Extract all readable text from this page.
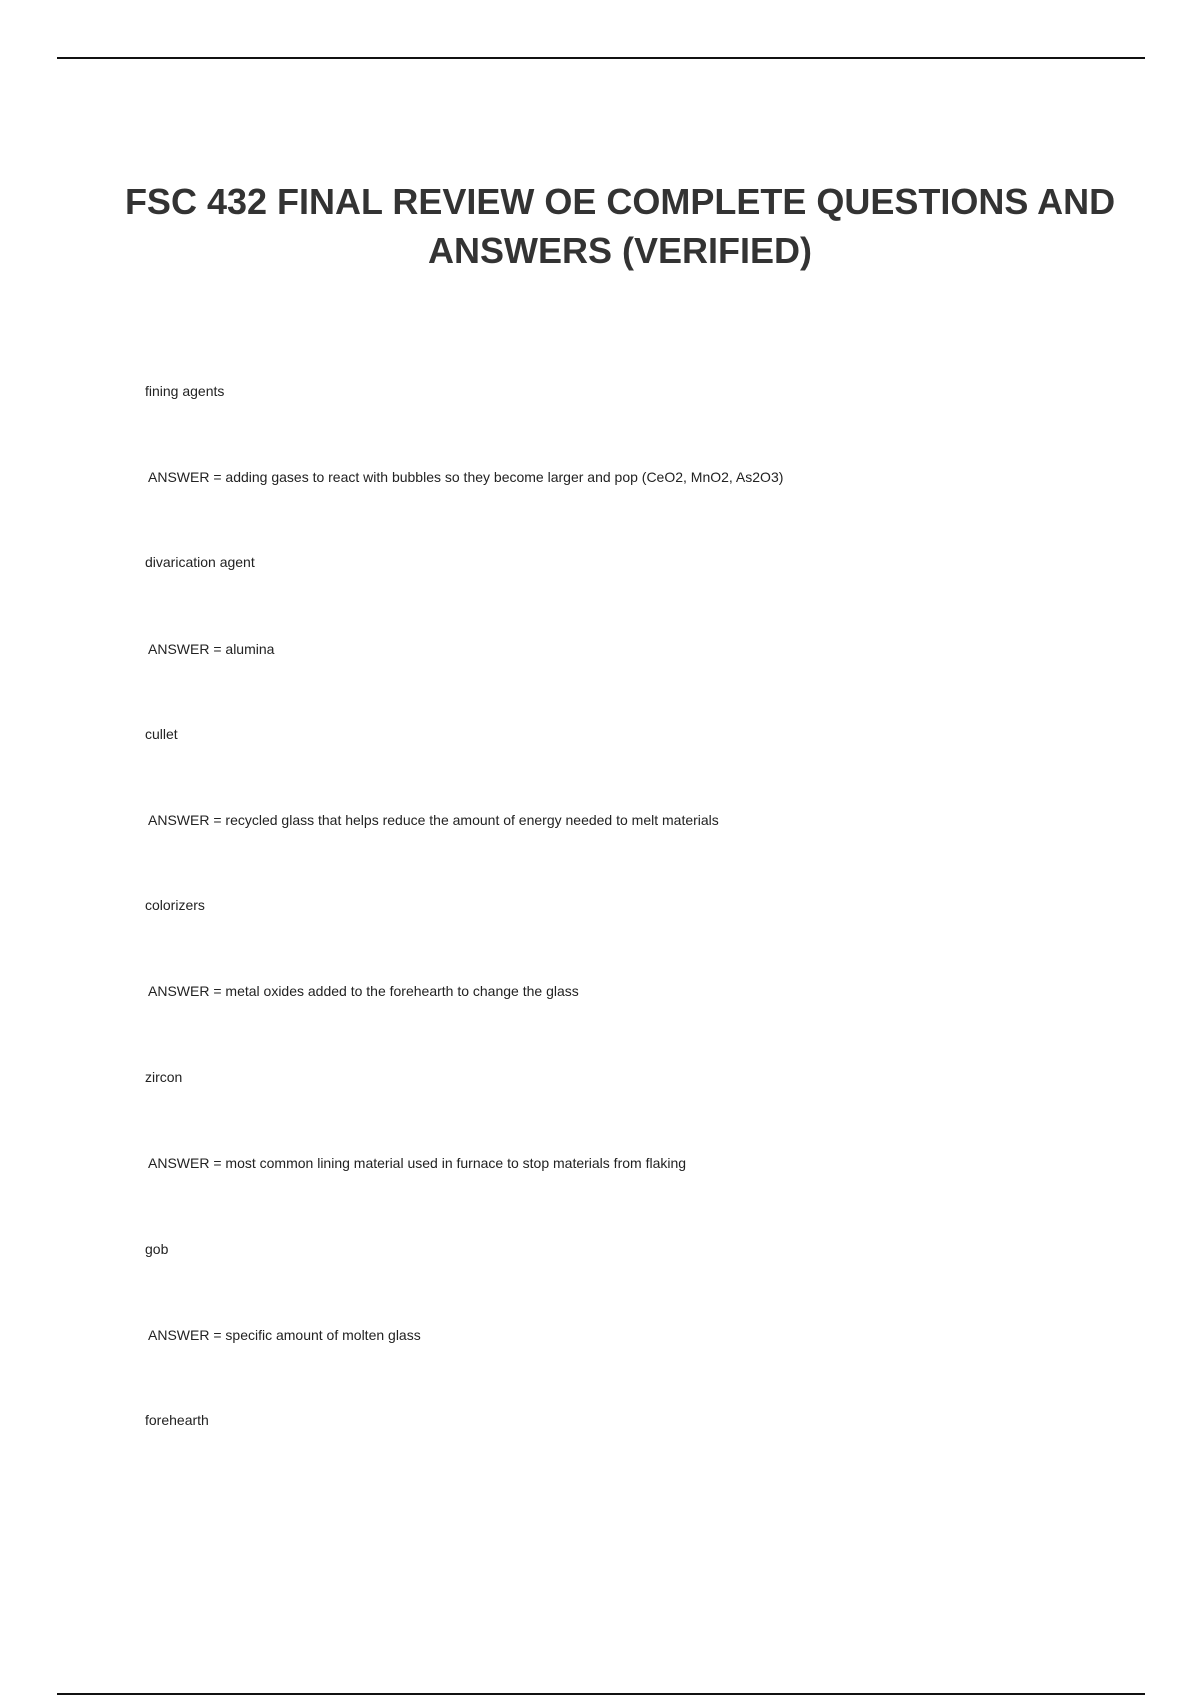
FSC 432 FINAL REVIEW OE COMPLETE QUESTIONS AND ANSWERS (VERIFIED)
fining agents
ANSWER = adding gases to react with bubbles so they become larger and pop (CeO2, MnO2, As2O3)
divarication agent
ANSWER = alumina
cullet
ANSWER = recycled glass that helps reduce the amount of energy needed to melt materials
colorizers
ANSWER = metal oxides added to the forehearth to change the glass
zircon
ANSWER = most common lining material used in furnace to stop materials from flaking
gob
ANSWER = specific amount of molten glass
forehearth
